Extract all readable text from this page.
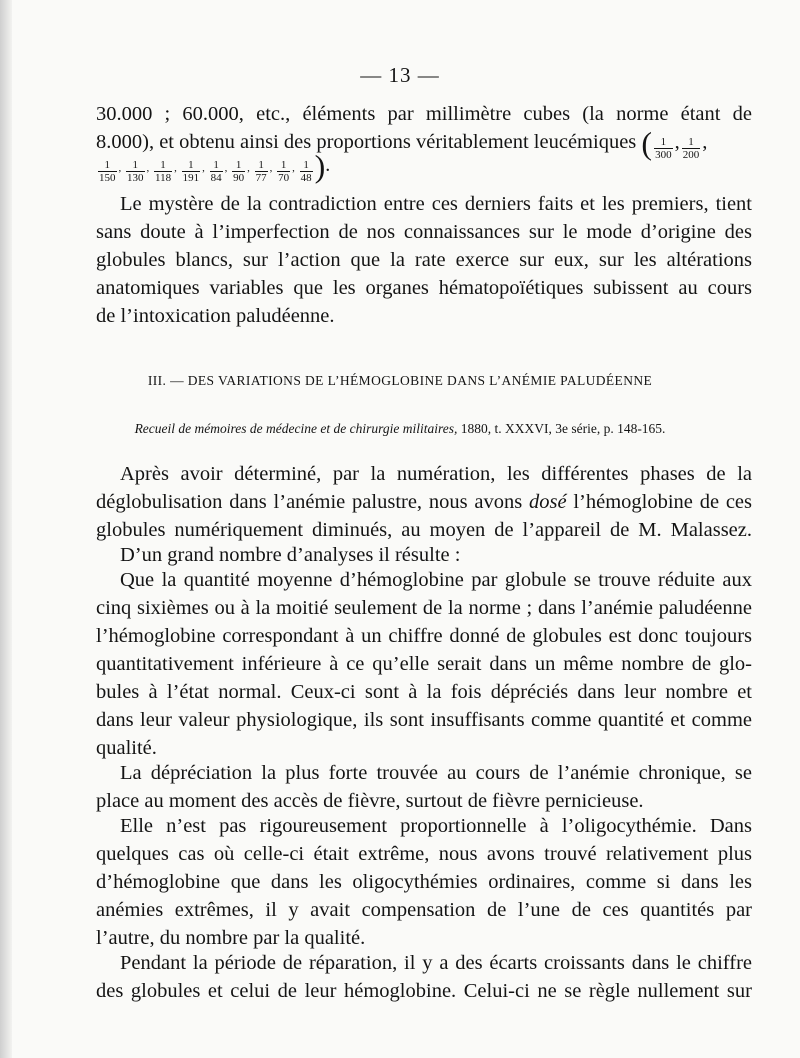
— 13 —
30.000 ; 60.000, etc., éléments par millimètre cubes (la norme étant de
8.000), et obtenu ainsi des proportions véritablement leucémiques ( $\frac{1}{300}$ , $\frac{1}{200}$ ,
$\frac{1}{150}$ , $\frac{1}{130}$ , $\frac{1}{118}$ , $\frac{1}{191}$ , $\frac{1}{84}$ , $\frac{1}{90}$ , $\frac{1}{77}$ , $\frac{1}{70}$ , $\frac{1}{48}$ ).
Le mystère de la contradiction entre ces derniers faits et les premiers, tient
sans doute à l’imperfection de nos connaissances sur le mode d’origine des
globules blancs, sur l’action que la rate exerce sur eux, sur les altérations
anatomiques variables que les organes hématopoïétiques subissent au cours
de l’intoxication paludéenne.
III. — DES VARIATIONS DE L’HÉMOGLOBINE DANS L’ANÉMIE PALUDÉENNE
Recueil de mémoires de médecine et de chirurgie militaires, 1880, t. XXXVI, 3e série, p. 148-165.
Après avoir déterminé, par la numération, les différentes phases de la
déglobulisation dans l’anémie palustre, nous avons dosé l’hémoglobine de ces
globules numériquement diminués, au moyen de l’appareil de M. Malassez.
D’un grand nombre d’analyses il résulte :
Que la quantité moyenne d’hémoglobine par globule se trouve réduite aux
cinq sixièmes ou à la moitié seulement de la norme ; dans l’anémie paludéenne
l’hémoglobine correspondant à un chiffre donné de globules est donc toujours
quantitativement inférieure à ce qu’elle serait dans un même nombre de glo-
bules à l’état normal. Ceux-ci sont à la fois dépréciés dans leur nombre et
dans leur valeur physiologique, ils sont insuffisants comme quantité et comme
qualité.
La dépréciation la plus forte trouvée au cours de l’anémie chronique, se
place au moment des accès de fièvre, surtout de fièvre pernicieuse.
Elle n’est pas rigoureusement proportionnelle à l’oligocythémie. Dans
quelques cas où celle-ci était extrême, nous avons trouvé relativement plus
d’hémoglobine que dans les oligocythémies ordinaires, comme si dans les
anémies extrêmes, il y avait compensation de l’une de ces quantités par
l’autre, du nombre par la qualité.
Pendant la période de réparation, il y a des écarts croissants dans le chiffre
des globules et celui de leur hémoglobine. Celui-ci ne se règle nullement sur
